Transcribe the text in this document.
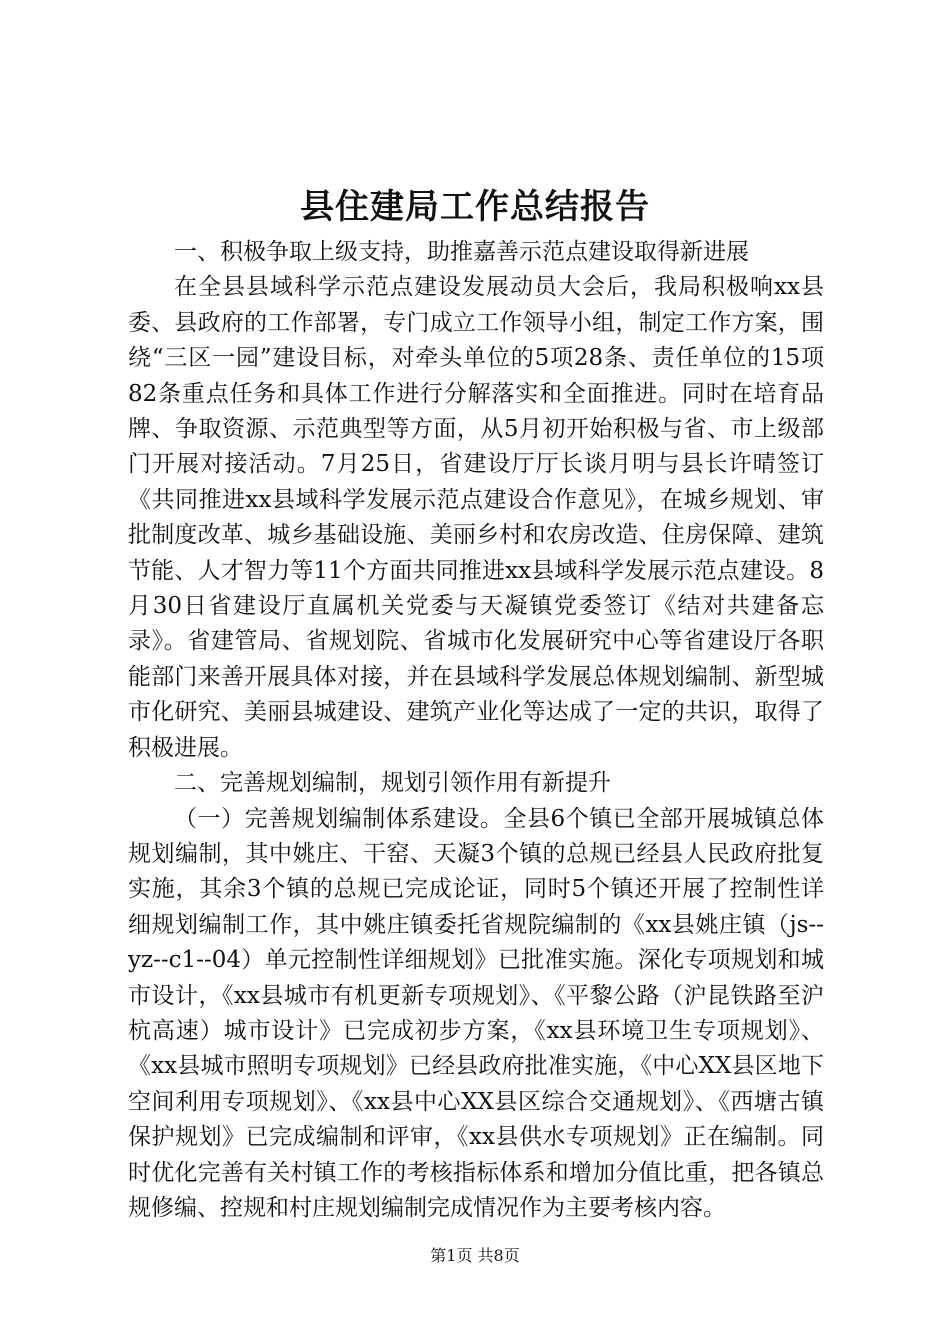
县住建局工作总结报告

一、积极争取上级支持，助推嘉善示范点建设取得新进展

在全县县域科学示范点建设发展动员大会后，我局积极响xx县委、县政府的工作部署，专门成立工作领导小组，制定工作方案，围绕“三区一园”建设目标，对牵头单位的5项28条、责任单位的15项82条重点任务和具体工作进行分解落实和全面推进。同时在培育品牌、争取资源、示范典型等方面，从5月初开始积极与省、市上级部门开展对接活动。7月25日，省建设厅厅长谈月明与县长许晴签订《共同推进xx县域科学发展示范点建设合作意见》，在城乡规划、审批制度改革、城乡基础设施、美丽乡村和农房改造、住房保障、建筑节能、人才智力等11个方面共同推进xx县域科学发展示范点建设。8月30日省建设厅直属机关党委与天凝镇党委签订《结对共建备忘录》。省建管局、省规划院、省城市化发展研究中心等省建设厅各职能部门来善开展具体对接，并在县域科学发展总体规划编制、新型城市化研究、美丽县城建设、建筑产业化等达成了一定的共识，取得了积极进展。

二、完善规划编制，规划引领作用有新提升

（一）完善规划编制体系建设。全县6个镇已全部开展城镇总体规划编制，其中姚庄、干窑、天凝3个镇的总规已经县人民政府批复实施，其余3个镇的总规已完成论证，同时5个镇还开展了控制性详细规划编制工作，其中姚庄镇委托省规院编制的《xx县姚庄镇（js--yz--c1--04）单元控制性详细规划》已批准实施。深化专项规划和城市设计，《xx县城市有机更新专项规划》、《平黎公路（沪昆铁路至沪杭高速）城市设计》已完成初步方案，《xx县环境卫生专项规划》、《xx县城市照明专项规划》已经县政府批准实施，《中心XX县区地下空间利用专项规划》、《xx县中心XX县区综合交通规划》、《西塘古镇保护规划》已完成编制和评审，《xx县供水专项规划》正在编制。同时优化完善有关村镇工作的考核指标体系和增加分值比重，把各镇总规修编、控规和村庄规划编制完成情况作为主要考核内容。

第1页 共8页
